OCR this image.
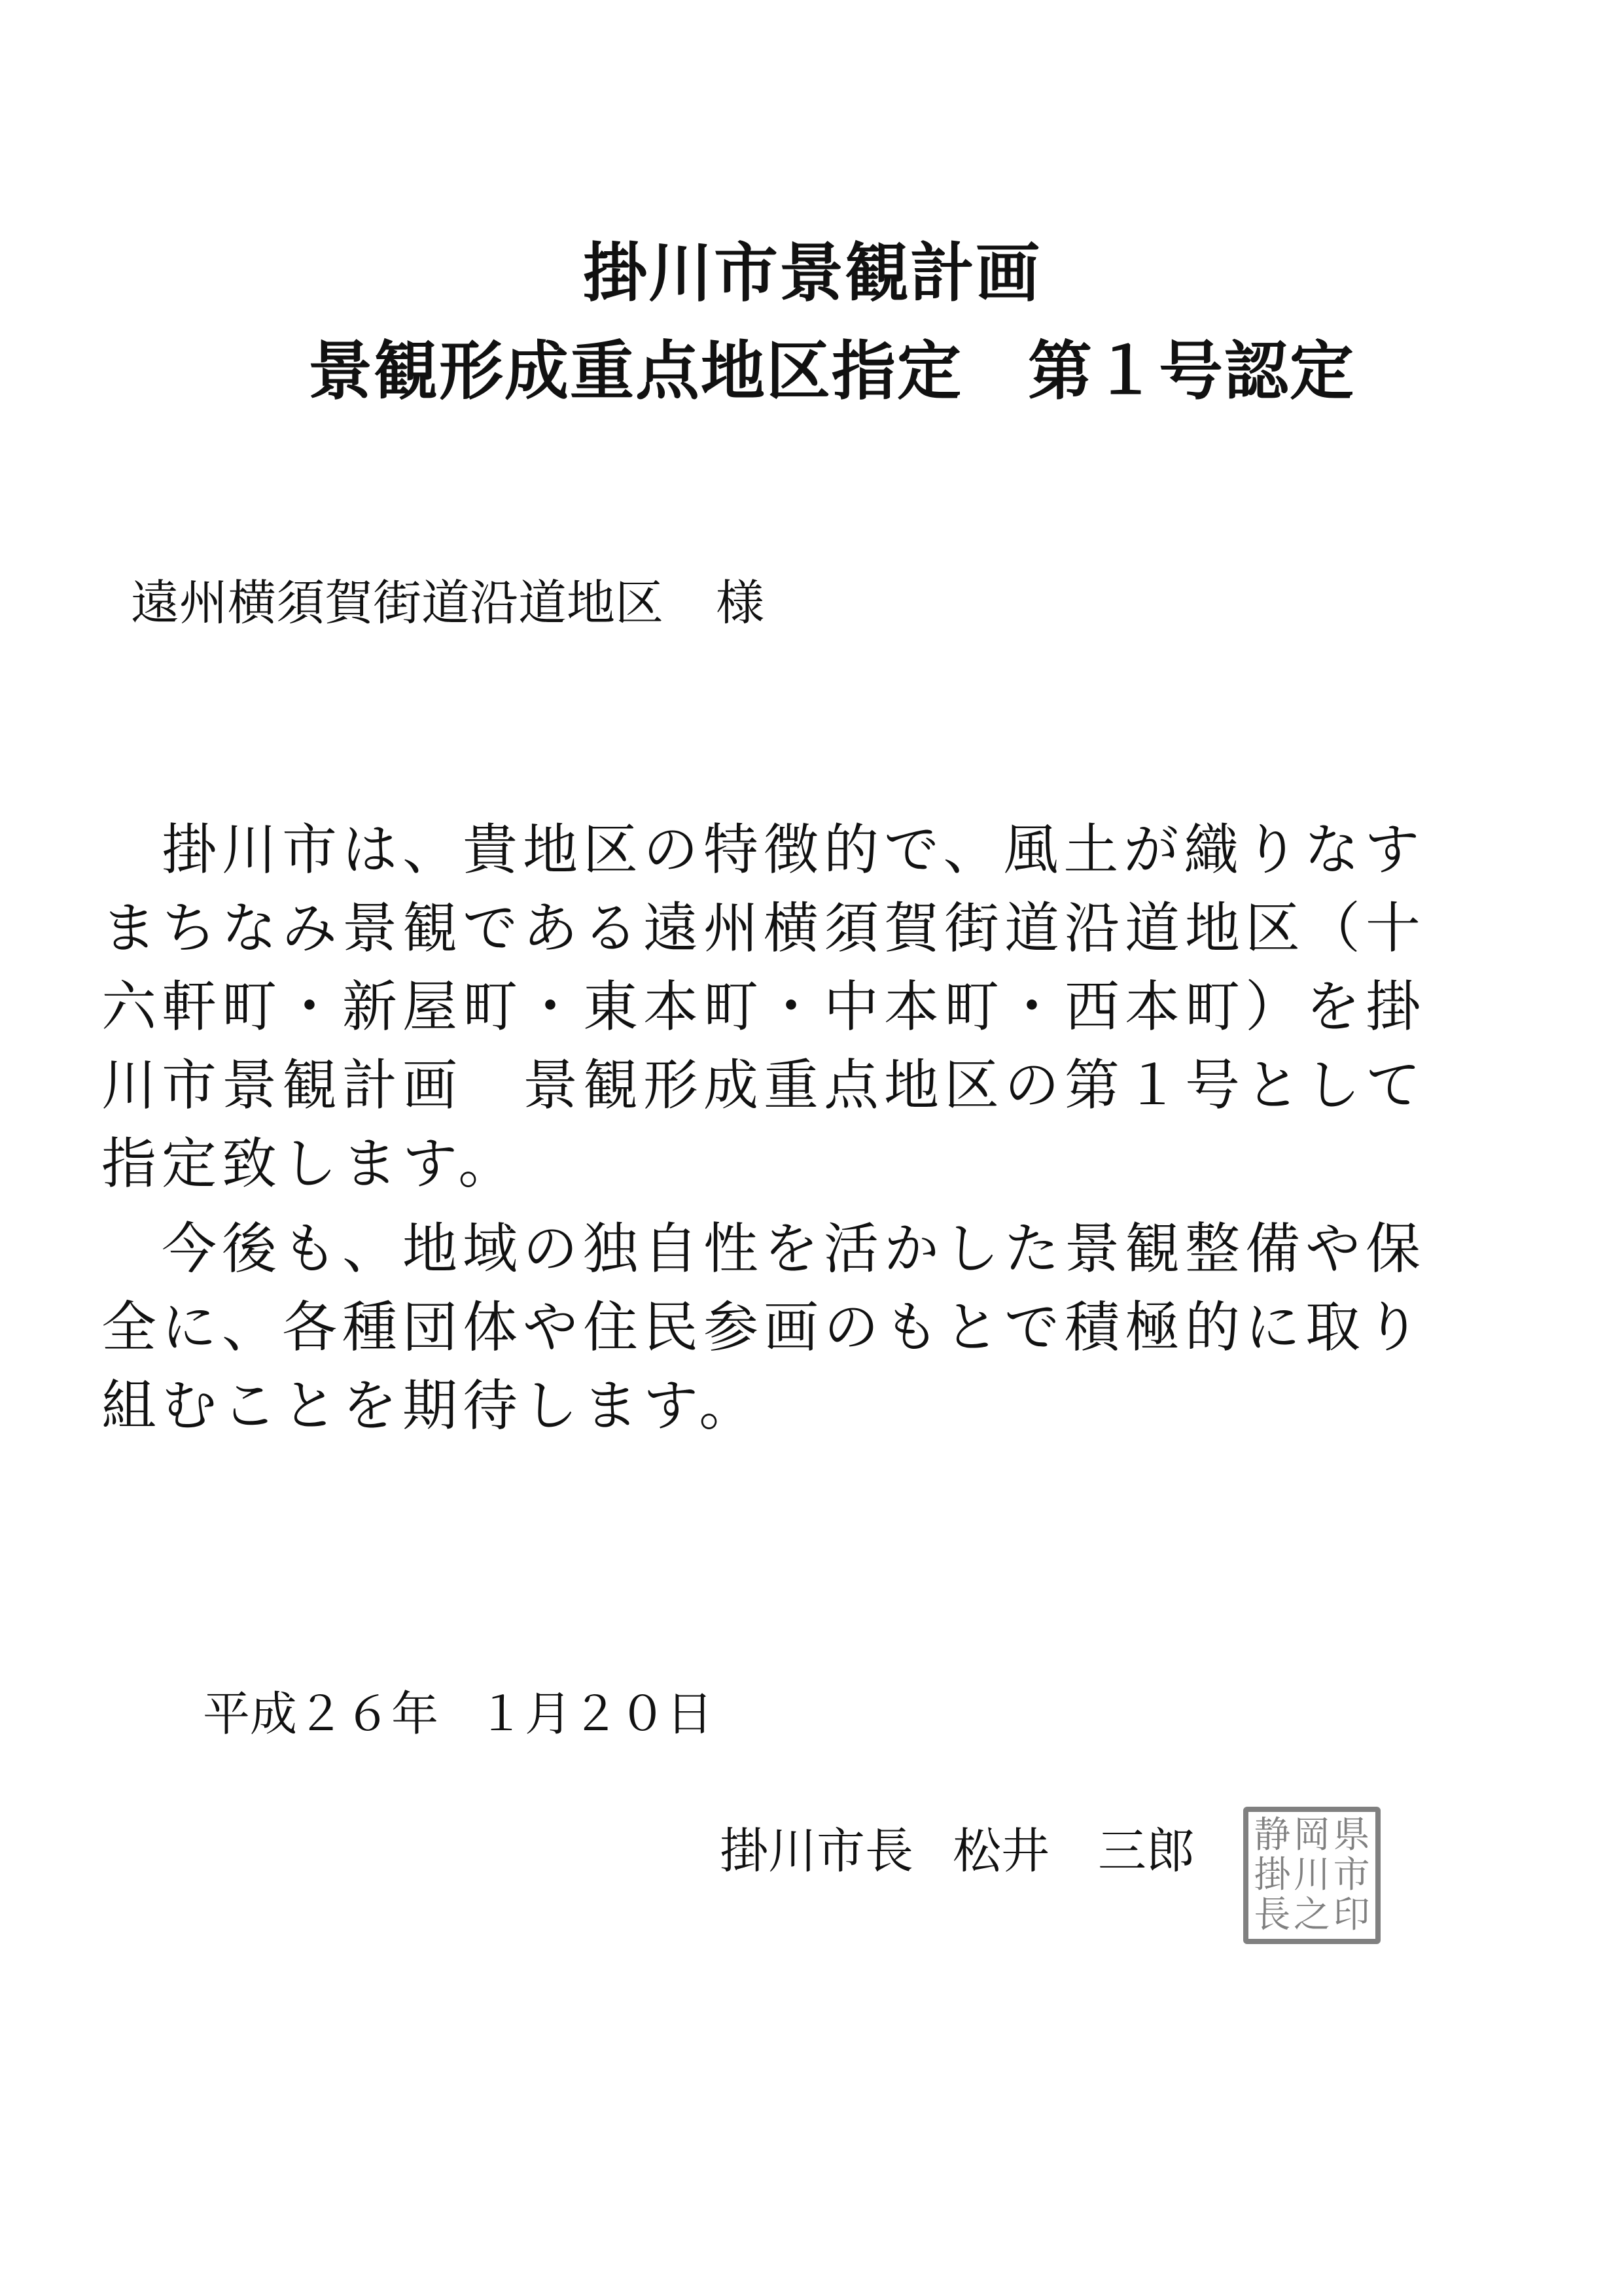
掛川市景観計画
景観形成重点地区指定　第１号認定
遠州横須賀街道沿道地区 様
　掛川市は、貴地区の特徴的で、風土が織りなす
まちなみ景観である遠州横須賀街道沿道地区（十
六軒町・新屋町・東本町・中本町・西本町）を掛
川市景観計画　景観形成重点地区の第１号として
指定致します。
　今後も、地域の独自性を活かした景観整備や保
全に、各種団体や住民参画のもとで積極的に取り
組むことを期待します。
平成２６年 １月２０日
掛川市長 松井　三郎 静 岡 県
掛 川 市
長 之 印
